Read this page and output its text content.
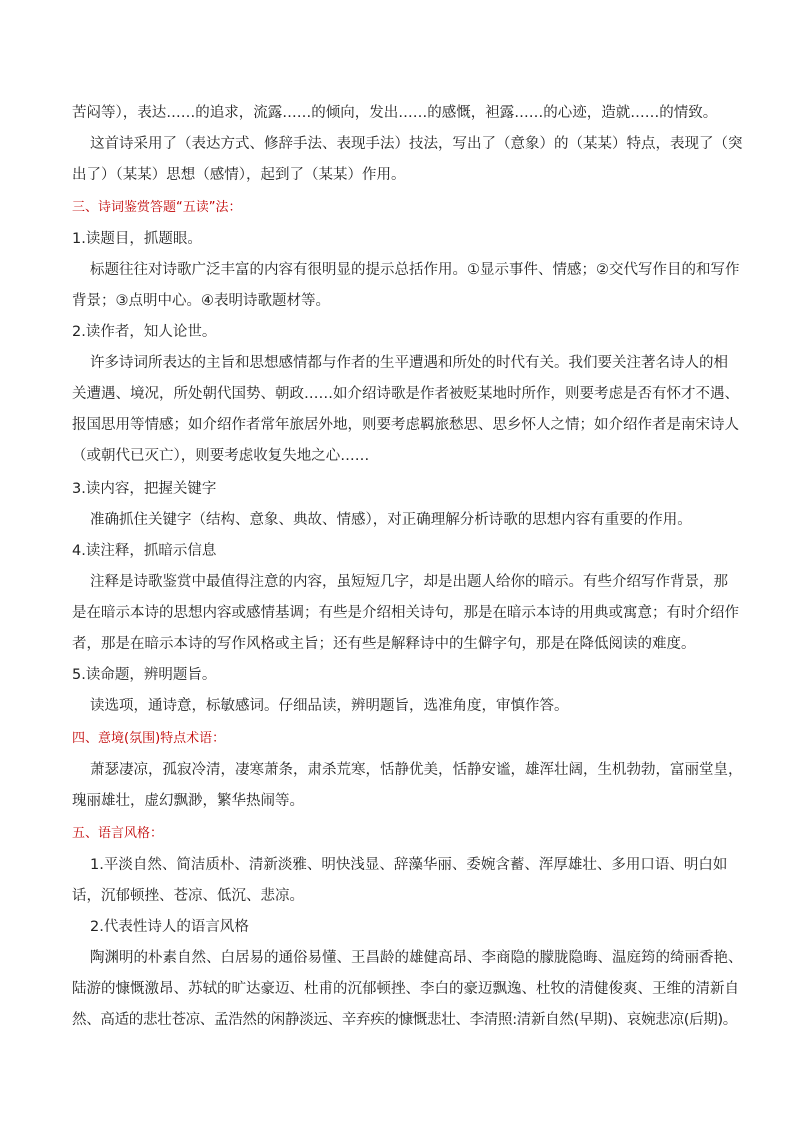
苦闷等），表达……的追求，流露……的倾向，发出……的感慨，袒露……的心迹，造就……的情致。
这首诗采用了（表达方式、修辞手法、表现手法）技法，写出了（意象）的（某某）特点，表现了（突
出了）（某某）思想（感情），起到了（某某）作用。
三、诗词鉴赏答题“五读”法：
1.读题目，抓题眼。
标题往往对诗歌广泛丰富的内容有很明显的提示总括作用。①显示事件、情感；②交代写作目的和写作
背景；③点明中心。④表明诗歌题材等。
2.读作者，知人论世。
许多诗词所表达的主旨和思想感情都与作者的生平遭遇和所处的时代有关。我们要关注著名诗人的相
关遭遇、境况，所处朝代国势、朝政……如介绍诗歌是作者被贬某地时所作，则要考虑是否有怀才不遇、
报国思用等情感；如介绍作者常年旅居外地，则要考虑羁旅愁思、思乡怀人之情；如介绍作者是南宋诗人
（或朝代已灭亡），则要考虑收复失地之心……
3.读内容，把握关键字
准确抓住关键字（结构、意象、典故、情感），对正确理解分析诗歌的思想内容有重要的作用。
4.读注释，抓暗示信息
注释是诗歌鉴赏中最值得注意的内容，虽短短几字，却是出题人给你的暗示。有些介绍写作背景，那
是在暗示本诗的思想内容或感情基调；有些是介绍相关诗句，那是在暗示本诗的用典或寓意；有时介绍作
者，那是在暗示本诗的写作风格或主旨；还有些是解释诗中的生僻字句，那是在降低阅读的难度。
5.读命题，辨明题旨。
读选项，通诗意，标敏感词。仔细品读，辨明题旨，选准角度，审慎作答。
四、意境(氛围)特点术语：
萧瑟凄凉，孤寂冷清，凄寒萧条，肃杀荒寒，恬静优美，恬静安谧，雄浑壮阔，生机勃勃，富丽堂皇，
瑰丽雄壮，虚幻飘渺，繁华热闹等。
五、语言风格：
1.平淡自然、简洁质朴、清新淡雅、明快浅显、辞藻华丽、委婉含蓄、浑厚雄壮、多用口语、明白如
话，沉郁顿挫、苍凉、低沉、悲凉。
2.代表性诗人的语言风格
陶渊明的朴素自然、白居易的通俗易懂、王昌龄的雄健高昂、李商隐的朦胧隐晦、温庭筠的绮丽香艳、
陆游的慷慨激昂、苏轼的旷达豪迈、杜甫的沉郁顿挫、李白的豪迈飘逸、杜牧的清健俊爽、王维的清新自
然、高适的悲壮苍凉、孟浩然的闲静淡远、辛弃疾的慷慨悲壮、李清照:清新自然(早期)、哀婉悲凉(后期)。
